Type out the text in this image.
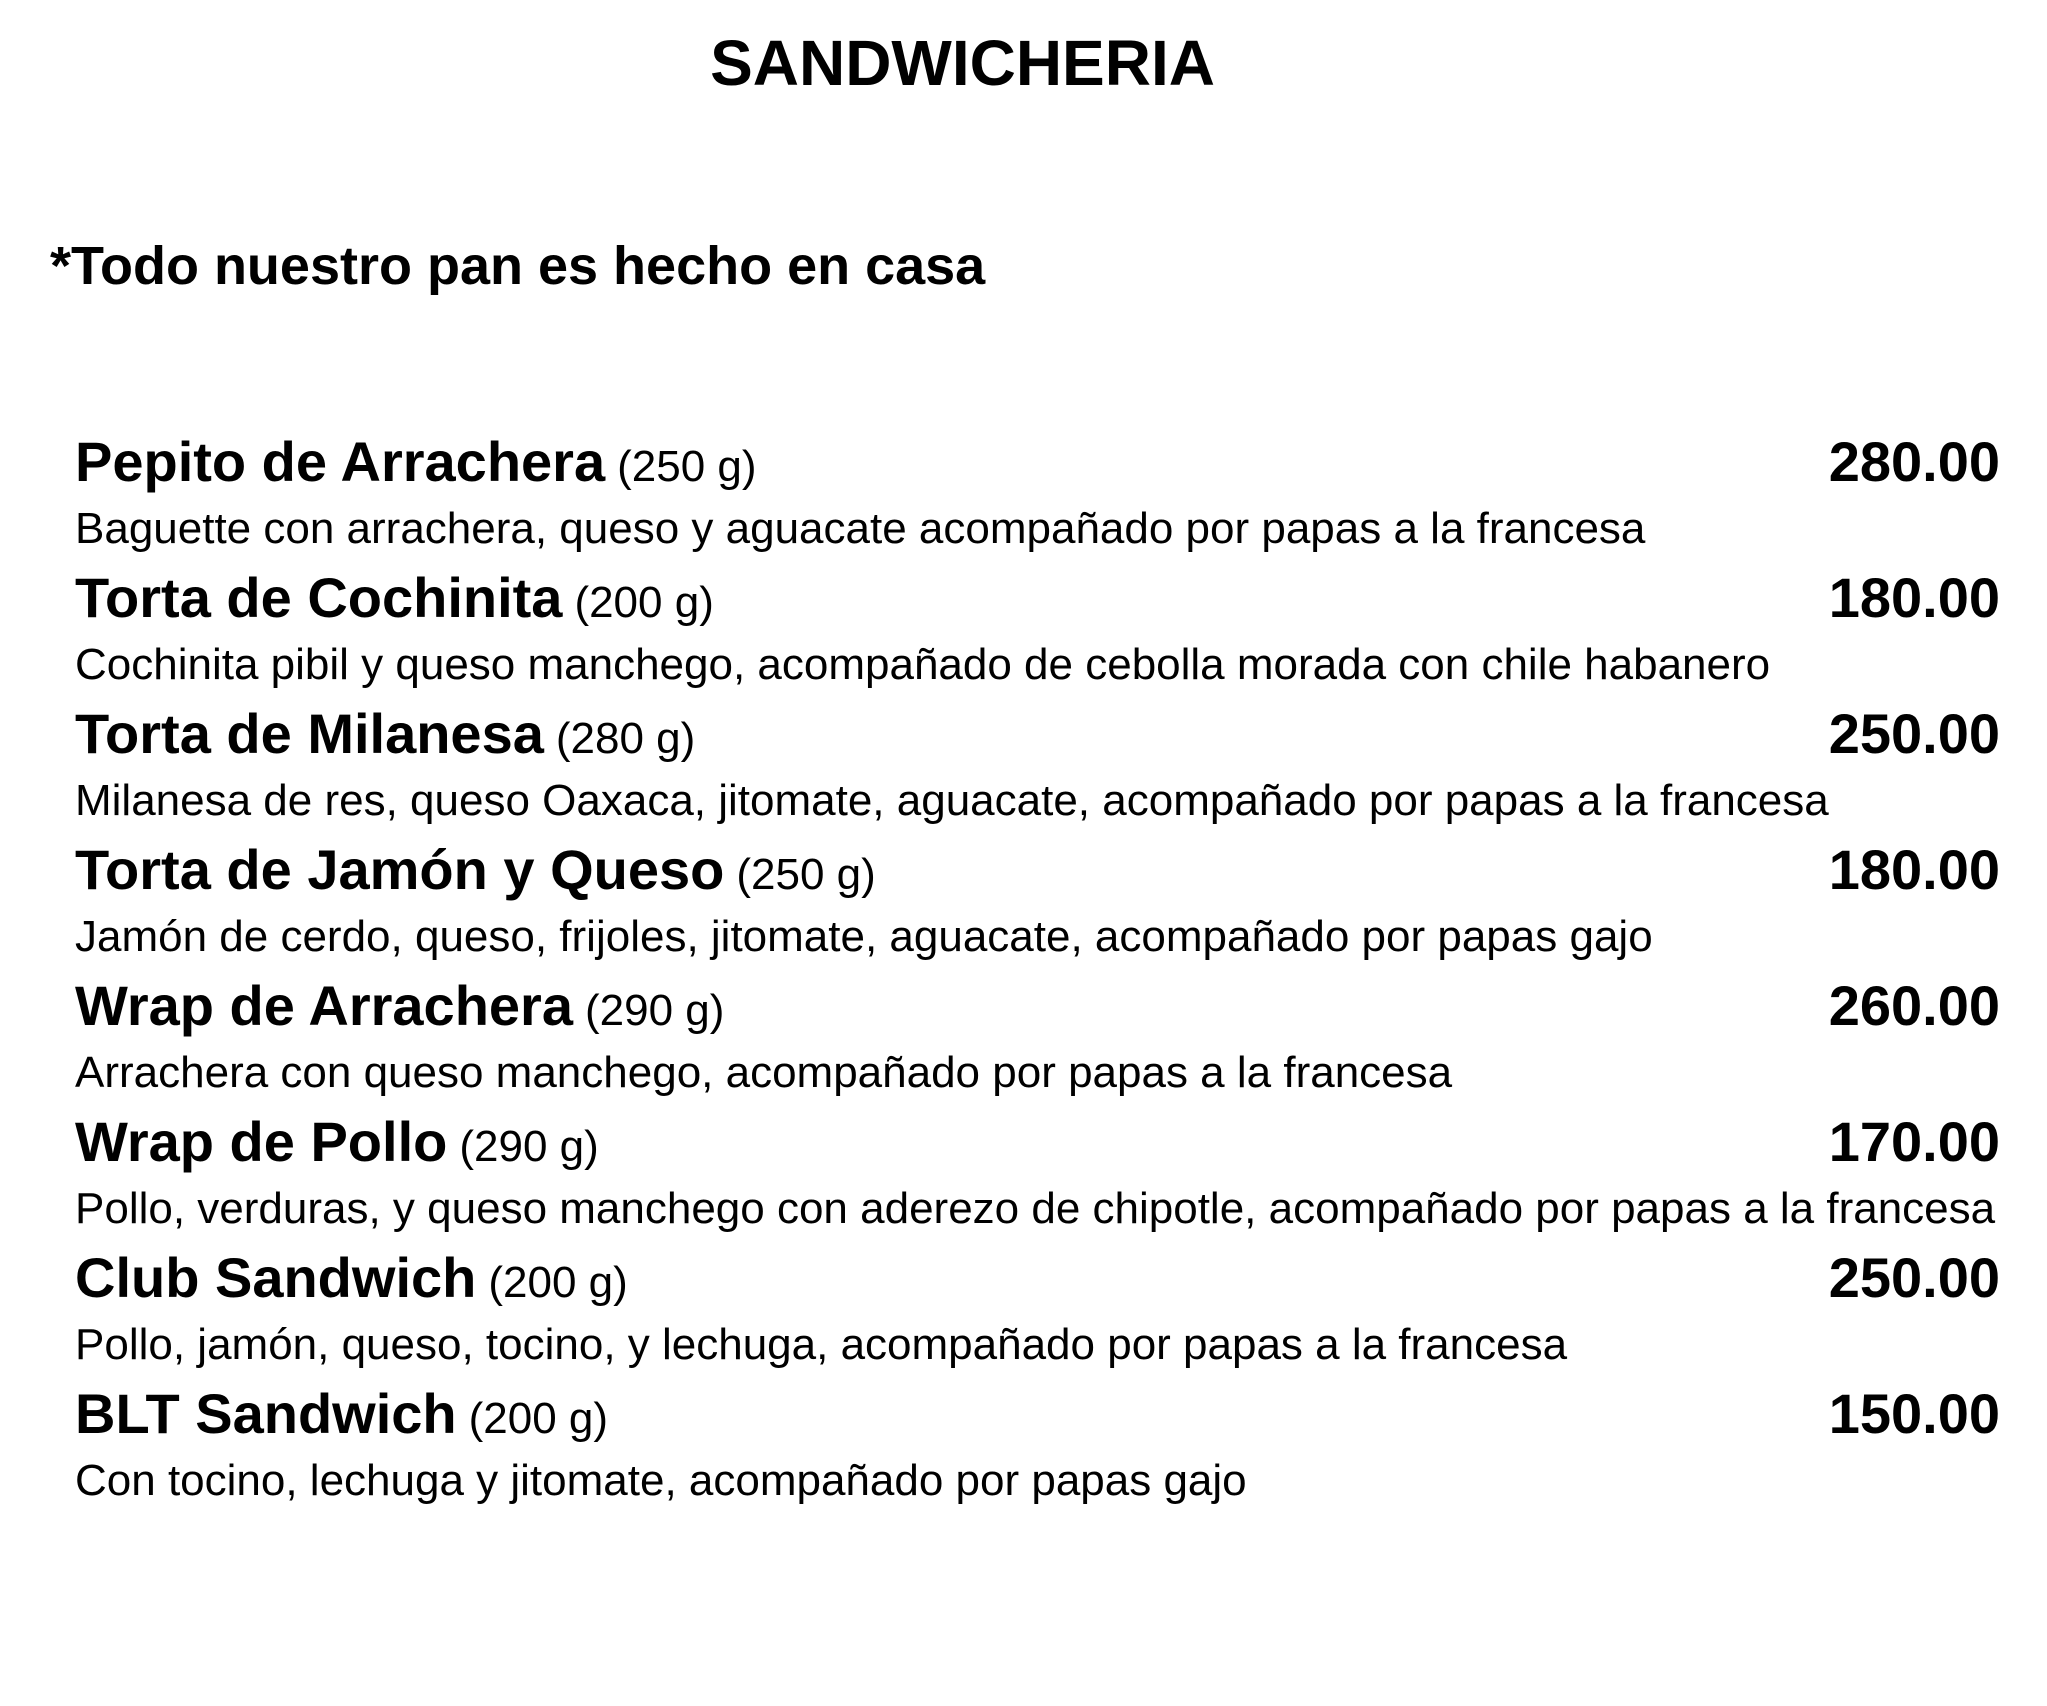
SANDWICHERIA

*Todo nuestro pan es hecho en casa

Pepito de Arrachera (250 g)	280.00
Baguette con arrachera, queso y aguacate acompañado por papas a la francesa
Torta de Cochinita (200 g)	180.00
Cochinita pibil y queso manchego, acompañado de cebolla morada con chile habanero
Torta de Milanesa (280 g)	250.00
Milanesa de res, queso Oaxaca, jitomate, aguacate, acompañado por papas a la francesa
Torta de Jamón y Queso (250 g)	180.00
Jamón de cerdo, queso, frijoles, jitomate, aguacate, acompañado por papas gajo
Wrap de Arrachera (290 g)	260.00
Arrachera con queso manchego, acompañado por papas a la francesa
Wrap de Pollo (290 g)	170.00
Pollo, verduras, y queso manchego con aderezo de chipotle, acompañado por papas a la francesa
Club Sandwich (200 g)	250.00
Pollo, jamón, queso, tocino, y lechuga, acompañado por papas a la francesa
BLT Sandwich (200 g)	150.00
Con tocino, lechuga y jitomate, acompañado por papas gajo
